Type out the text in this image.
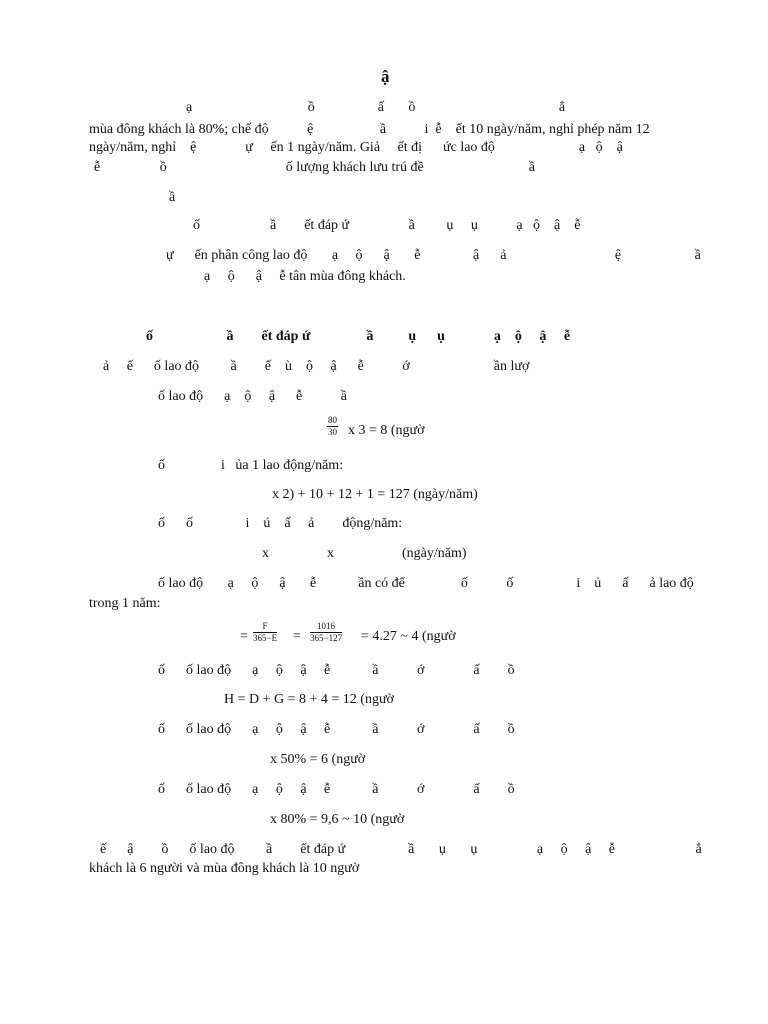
ậ
ạ                                 ồ                  ấ       ồ                                         ắ
mùa đông khách là 80%; chế độ           ệ                   ầ           i  ễ    ết 10 ngày/năm, nghỉ phép năm 12
ngày/năm, nghỉ    ệ              ự     ến 1 ngày/năm. Giả     ết đị      ức lao độ                        ạ   ộ    ậ
ễ                 ồ                                  ố lượng khách lưu trú đề                              ầ
ầ
ố                    ầ        ết đáp ứ                 ầ         ụ     ụ           ạ   ộ    ậ    ễ
ự      ến phân công lao độ       ạ     ộ      ậ       ễ               ậ      ả                               ệ                     ầ
ạ     ộ      ậ     ễ tân mùa đông khách.
ố                     ầ        ết đáp ứ                ầ          ụ      ụ              ạ    ộ     ậ     ễ
ả     ế      ố lao độ         ầ        ế    ù    ộ     ậ      ễ           ớ                        ần lượ
ố lao độ      ạ    ộ     ậ      ễ           ầ
$\frac{80}{30}$ x 3 = 8 (ngườ
ố                i   ủa 1 lao động/năm:
x 2) + 10 + 12 + 1 = 127 (ngày/năm)
ố      ố               i    ú    ấ     ả        động/năm:
x	x	(ngày/năm)
ố lao độ       ạ     ộ      ậ       ễ            ần có để                ố           ố                  i    ủ      ấ      ả lao độ
trong 1 năm:
= $\frac{F}{365-E} = \frac{1016}{365-127} = 4.27$ ~ 4 (ngườ
ố      ố lao độ      ạ     ộ     ậ     ễ            ầ           ớ              ấ        ồ
H = D + G = 8 + 4 = 12 (ngườ
ố      ố lao độ      ạ     ộ     ậ     ễ            ầ           ớ              ấ        ồ
x 50% = 6 (ngườ
ố      ố lao độ      ạ     ộ     ậ     ễ            ầ           ớ              ấ        ồ
x 80% = 9,6 ~ 10 (ngườ
ế      ậ        ồ      ố lao độ         ầ        ết đáp ứ                  ầ       ụ       ụ                 ạ     ộ     ậ     ễ                       ắ
khách là 6 người và mùa đông khách là 10 ngườ
